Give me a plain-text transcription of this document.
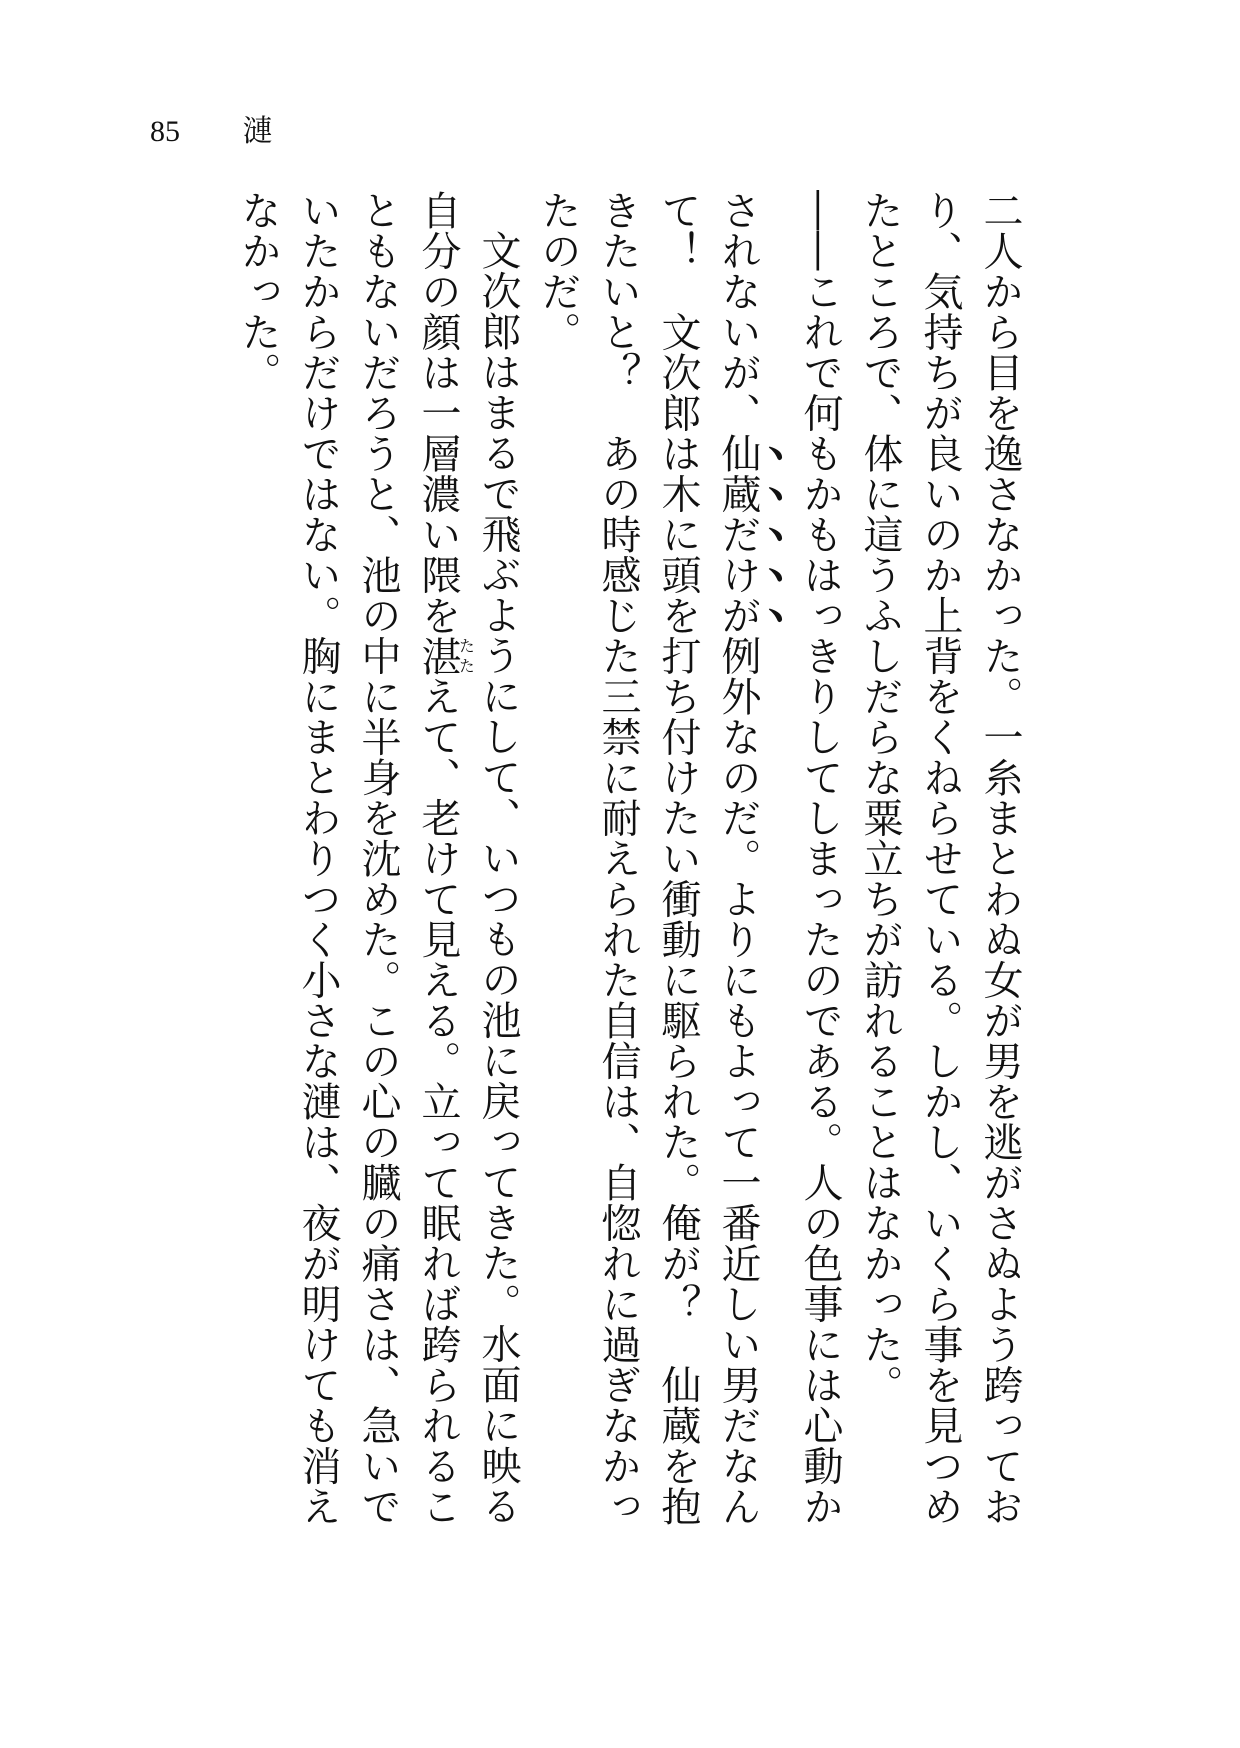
85 漣

二人から目を逸さなかった。一糸まとわぬ女が男を逃がさぬよう跨っており、気持ちが良いのか上背をくねらせている。しかし、いくら事を見つめたところで、体に這うふしだらな粟立ちが訪れることはなかった。

――これで何もかもはっきりしてしまったのである。人の色事には心動かされないが、仙蔵だけが例外なのだ。よりにもよって一番近しい男だなんて！　文次郎は木に頭を打ち付けたい衝動に駆られた。俺が？　仙蔵を抱きたいと？　あの時感じた三禁に耐えられた自信は、自惚れに過ぎなかったのだ。

文次郎はまるで飛ぶようにして、いつもの池に戻ってきた。水面に映る自分の顔は一層濃い隈を湛たたえて、老けて見える。立って眠れば跨られることもないだろうと、池の中に半身を沈めた。この心の臓の痛さは、急いでいたからだけではない。胸にまとわりつく小さな漣は、夜が明けても消えなかった。
